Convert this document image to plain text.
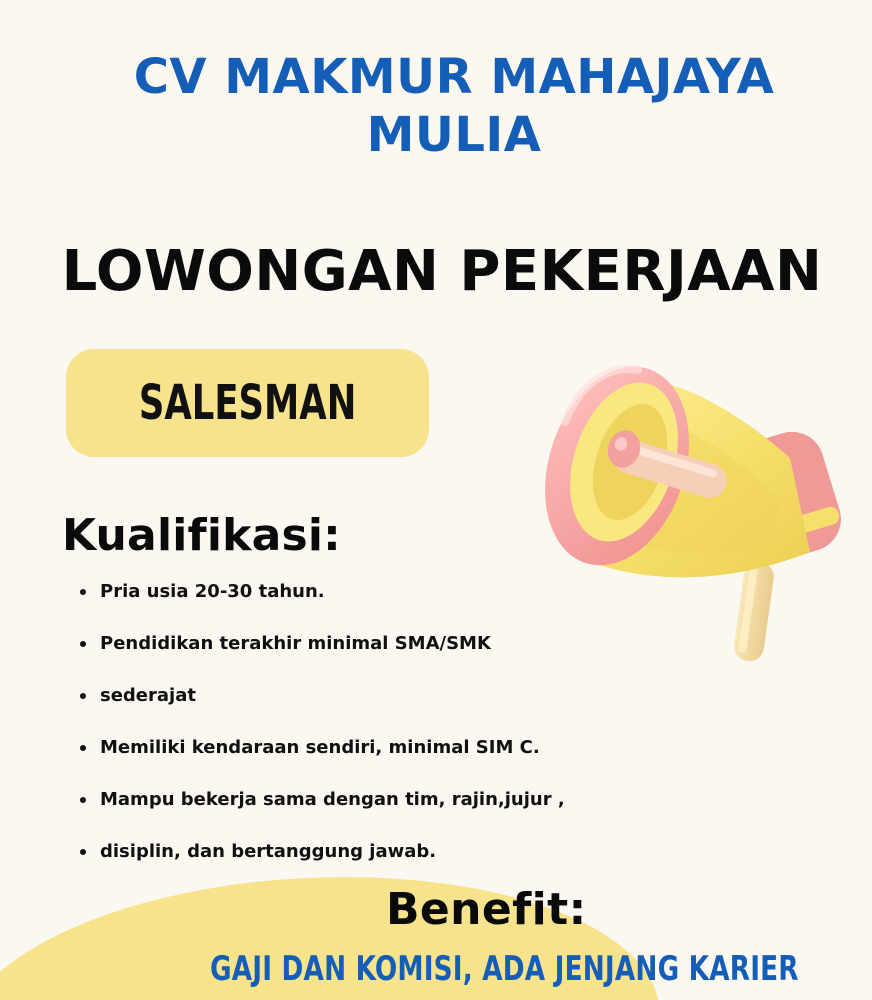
CV MAKMUR MAHAJAYA
MULIA
LOWONGAN PEKERJAAN
SALESMAN
Kualifikasi:
Pria usia 20-30 tahun.
Pendidikan terakhir minimal SMA/SMK
sederajat
Memiliki kendaraan sendiri, minimal SIM C.
Mampu bekerja sama dengan tim, rajin,jujur ,
disiplin, dan bertanggung jawab.
Benefit:
GAJI DAN KOMISI, ADA JENJANG KARIER
